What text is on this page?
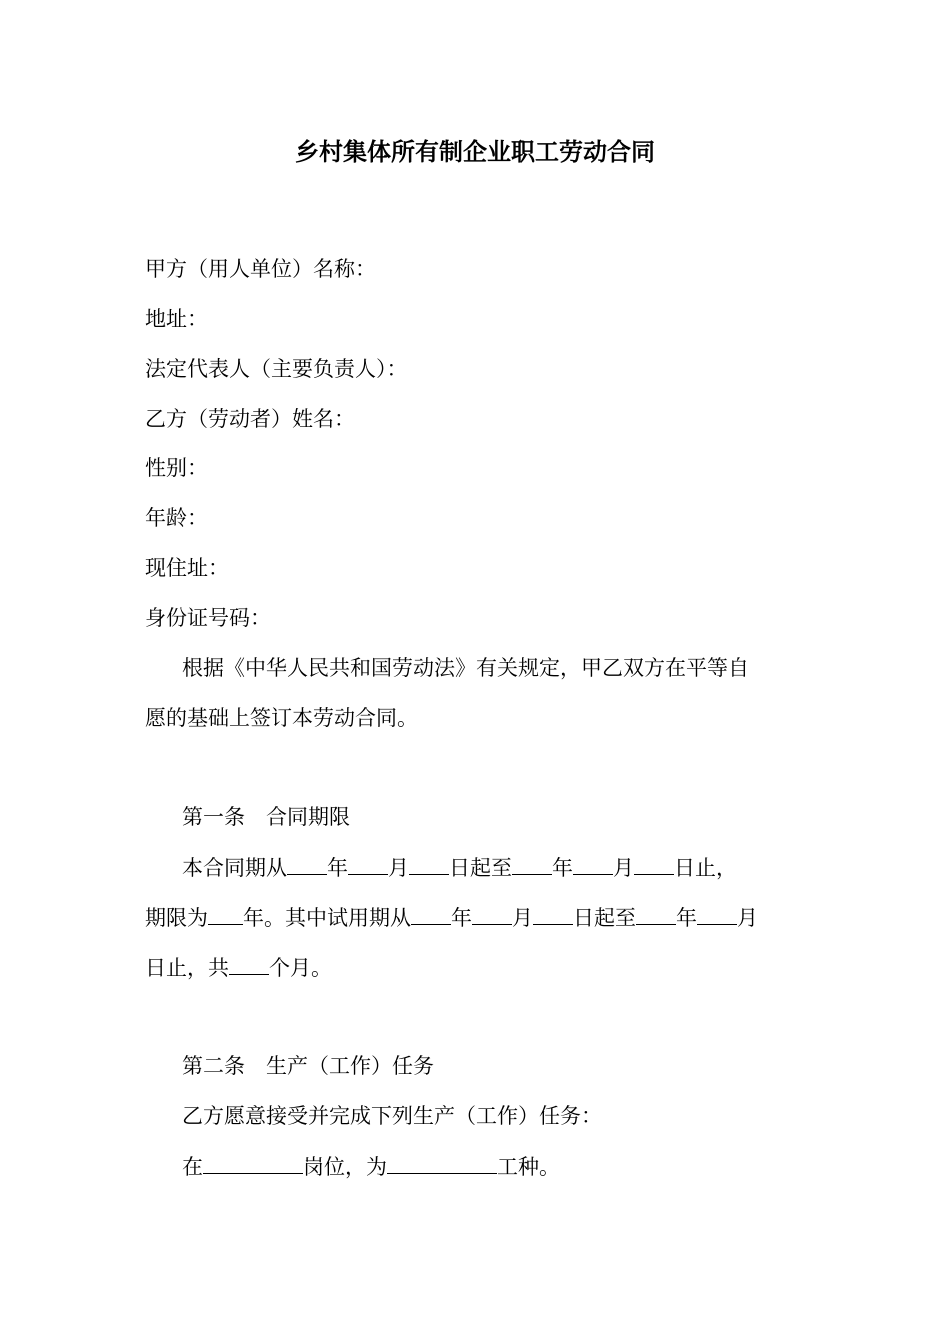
乡村集体所有制企业职工劳动合同
甲方（用人单位）名称：
地址：
法定代表人（主要负责人）：
乙方（劳动者）姓名：
性别：
年龄：
现住址：
身份证号码：
根据《中华人民共和国劳动法》有关规定，甲乙双方在平等自
愿的基础上签订本劳动合同。
第一条　合同期限
本合同期从 年 月 日起至 年 月 日止，
期限为 年。其中试用期从 年 月 日起至 年 月
日止，共 个月。
第二条　生产（工作）任务
乙方愿意接受并完成下列生产（工作）任务：
在	岗位，为	工种。
